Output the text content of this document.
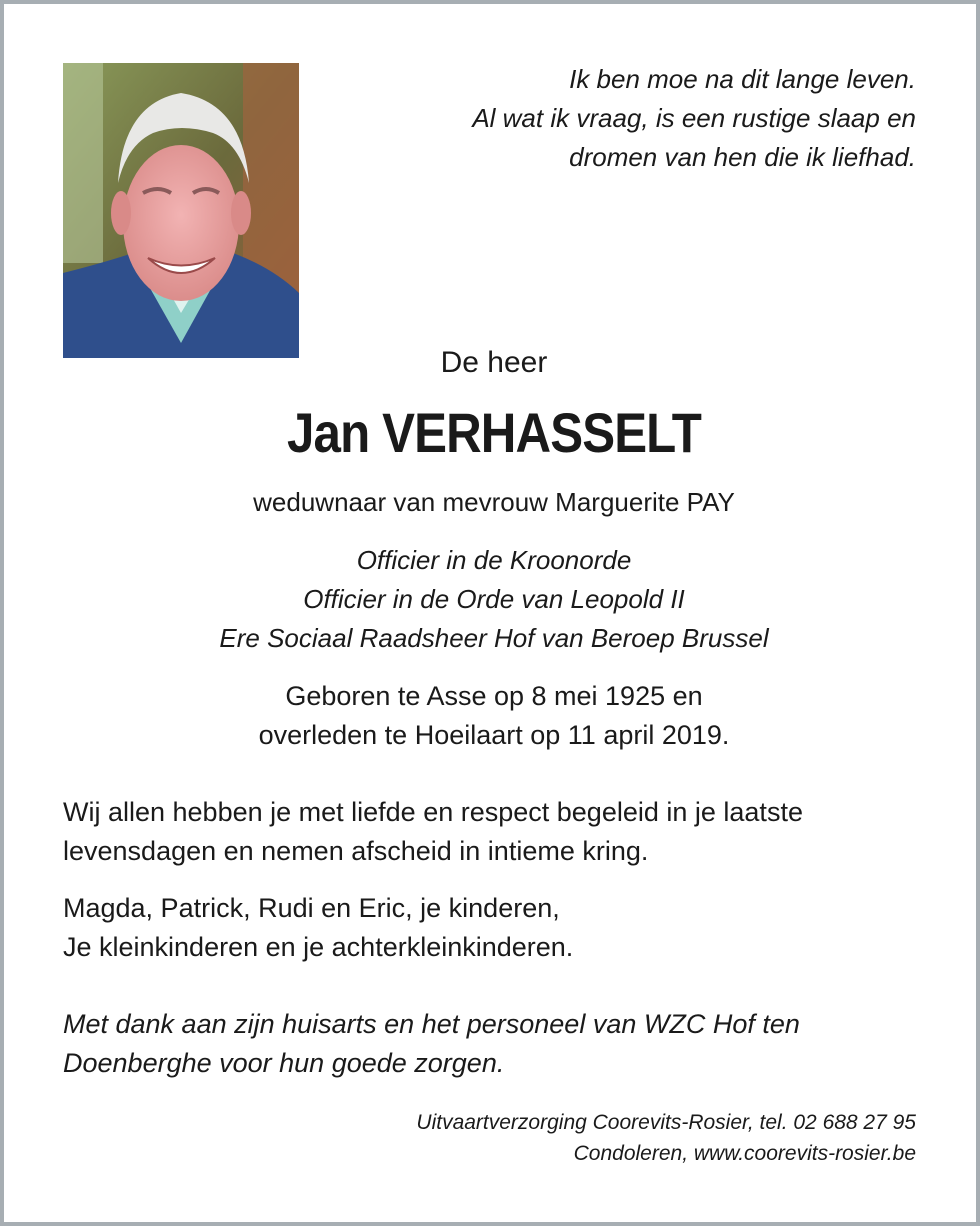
Ik ben moe na dit lange leven.
Al wat ik vraag, is een rustige slaap en
dromen van hen die ik liefhad.
De heer
Jan VERHASSELT
weduwnaar van mevrouw Marguerite PAY
Officier in de Kroonorde
Officier in de Orde van Leopold II
Ere Sociaal Raadsheer Hof van Beroep Brussel
Geboren te Asse op 8 mei 1925 en
overleden te Hoeilaart op 11 april 2019.
Wij allen hebben je met liefde en respect begeleid in je laatste
levensdagen en nemen afscheid in intieme kring.
Magda, Patrick, Rudi en Eric, je kinderen,
Je kleinkinderen en je achterkleinkinderen.
Met dank aan zijn huisarts en het personeel van WZC Hof ten
Doenberghe voor hun goede zorgen.
Uitvaartverzorging Coorevits-Rosier, tel. 02 688 27 95
Condoleren, www.coorevits-rosier.be
